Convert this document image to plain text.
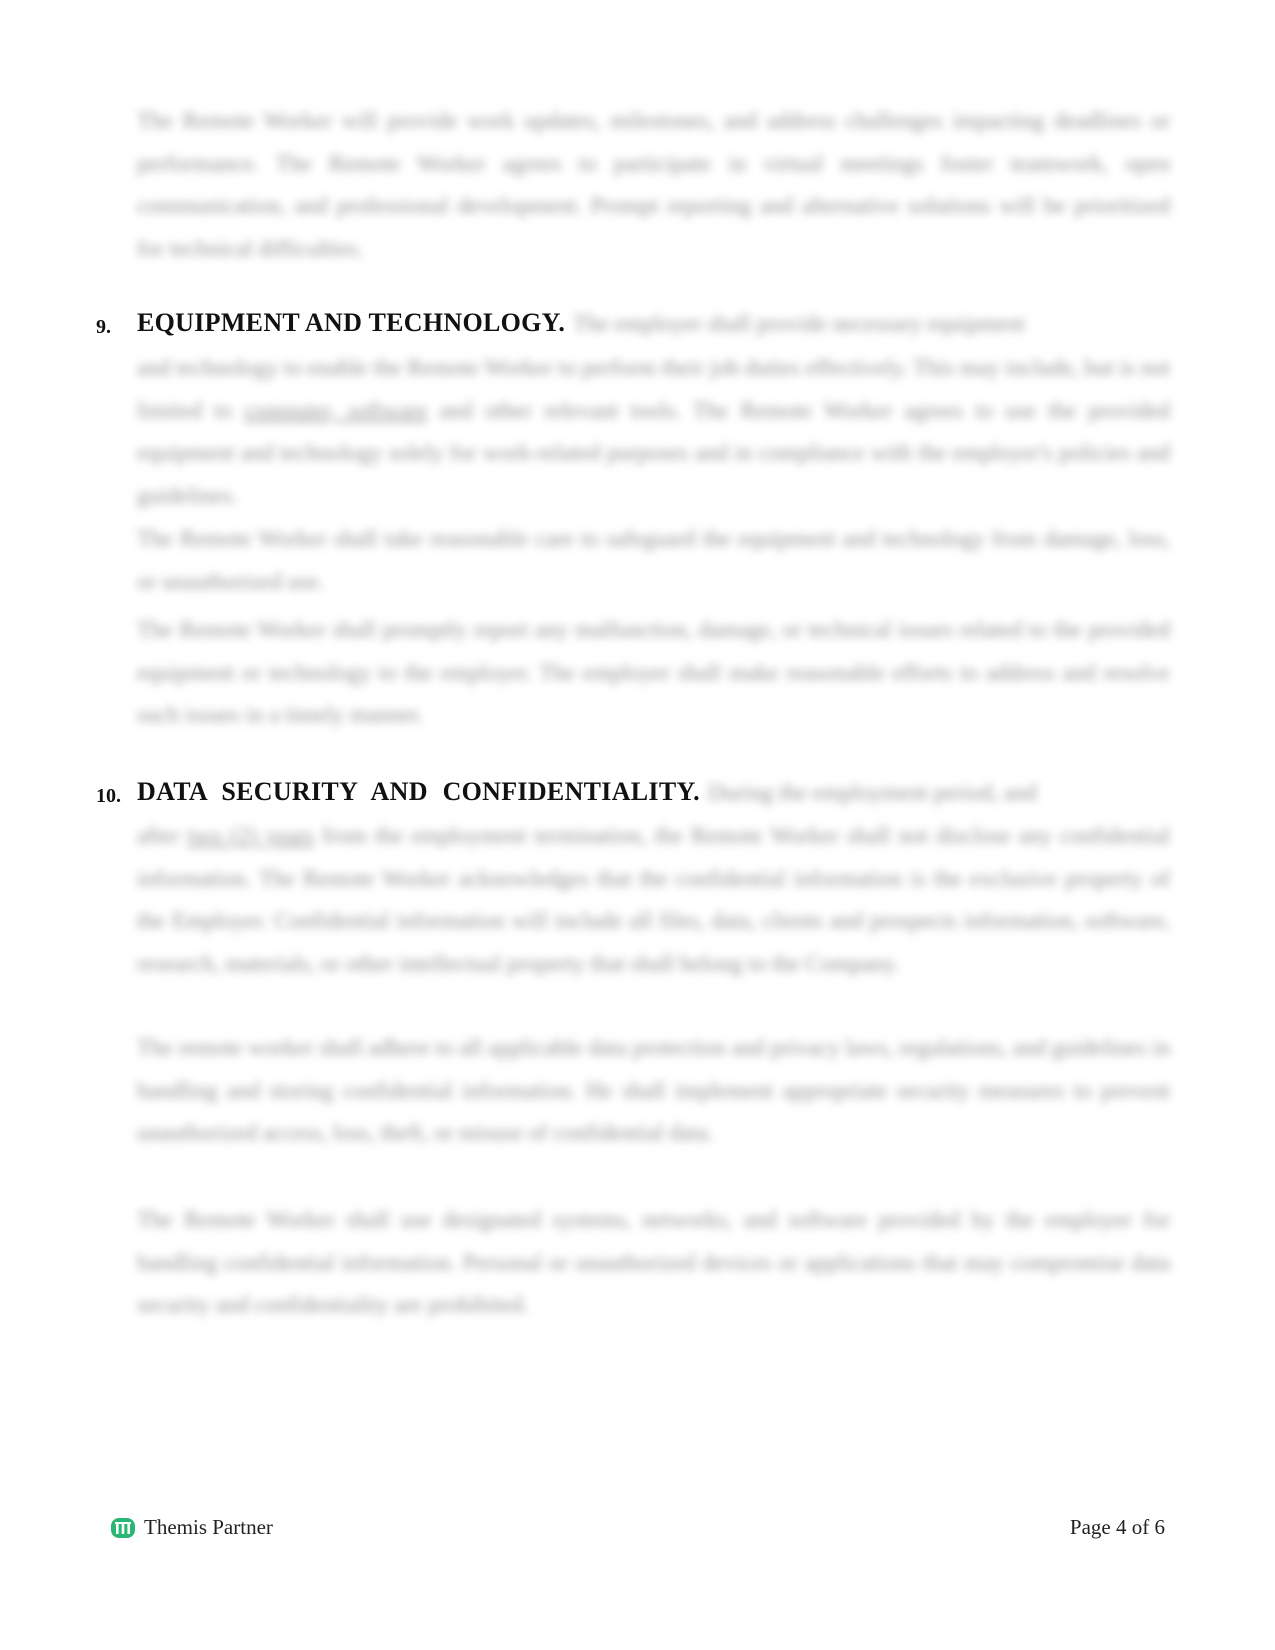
The Remote Worker will provide work updates, milestones, and address challenges impacting deadlines or performance. The Remote Worker agrees to participate in virtual meetings foster teamwork, open communication, and professional development. Prompt reporting and alternative solutions will be prioritized for technical difficulties.
9. EQUIPMENT AND TECHNOLOGY. The employer shall provide necessary equipment
and technology to enable the Remote Worker to perform their job duties effectively. This may include, but is not limited to computer, software and other relevant tools. The Remote Worker agrees to use the provided equipment and technology solely for work-related purposes and in compliance with the employer's policies and guidelines.
The Remote Worker shall take reasonable care to safeguard the equipment and technology from damage, loss, or unauthorized use.
The Remote Worker shall promptly report any malfunction, damage, or technical issues related to the provided equipment or technology to the employer. The employer shall make reasonable efforts to address and resolve such issues in a timely manner.
10. DATA SECURITY AND CONFIDENTIALITY. During the employment period, and
after two (2) years from the employment termination, the Remote Worker shall not disclose any confidential information. The Remote Worker acknowledges that the confidential information is the exclusive property of the Employer. Confidential information will include all files, data, clients and prospects information, software, research, materials, or other intellectual property that shall belong to the Company.
The remote worker shall adhere to all applicable data protection and privacy laws, regulations, and guidelines in handling and storing confidential information. He shall implement appropriate security measures to prevent unauthorized access, loss, theft, or misuse of confidential data.
The Remote Worker shall use designated systems, networks, and software provided by the employer for handling confidential information. Personal or unauthorized devices or applications that may compromise data security and confidentiality are prohibited.
Themis Partner	Page 4 of 6
